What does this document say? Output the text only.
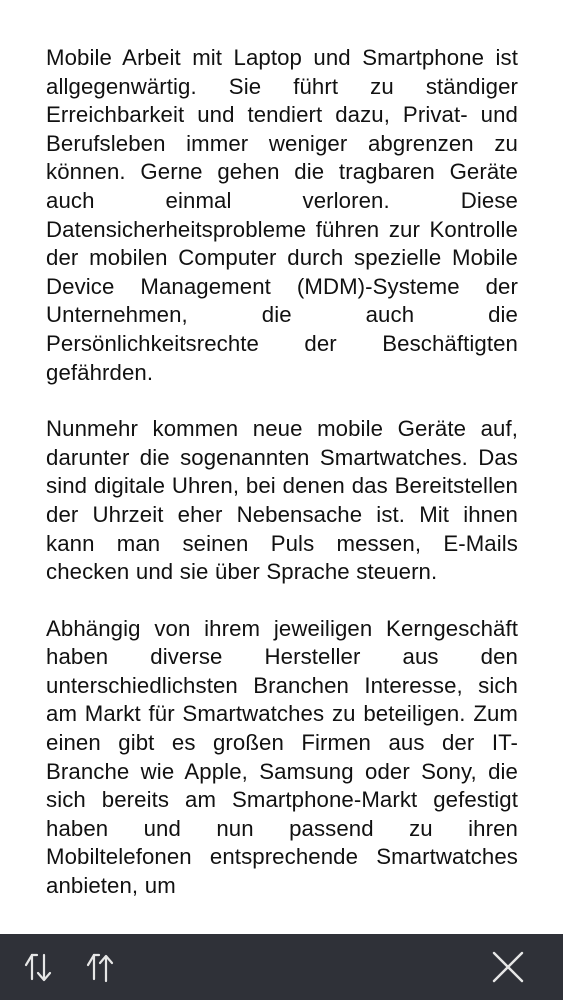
Mobile Arbeit mit Laptop und Smartphone ist allgegenwärtig. Sie führt zu ständiger Erreichbarkeit und tendiert dazu, Privat- und Berufsleben immer weniger abgrenzen zu können. Gerne gehen die tragbaren Geräte auch einmal verloren. Diese Datensicherheitsprobleme führen zur Kontrolle der mobilen Computer durch spezielle Mobile Device Management (MDM)-Systeme der Unternehmen, die auch die Persönlichkeitsrechte der Beschäftigten gefährden.

Nunmehr kommen neue mobile Geräte auf, darunter die sogenannten Smartwatches. Das sind digitale Uhren, bei denen das Bereitstellen der Uhrzeit eher Nebensache ist. Mit ihnen kann man seinen Puls messen, E-Mails checken und sie über Sprache steuern.

Abhängig von ihrem jeweiligen Kerngeschäft haben diverse Hersteller aus den unterschiedlichsten Branchen Interesse, sich am Markt für Smartwatches zu beteiligen. Zum einen gibt es großen Firmen aus der IT-Branche wie Apple, Samsung oder Sony, die sich bereits am Smartphone-Markt gefestigt haben und nun passend zu ihren Mobiltelefonen entsprechende Smartwatches anbieten, um
